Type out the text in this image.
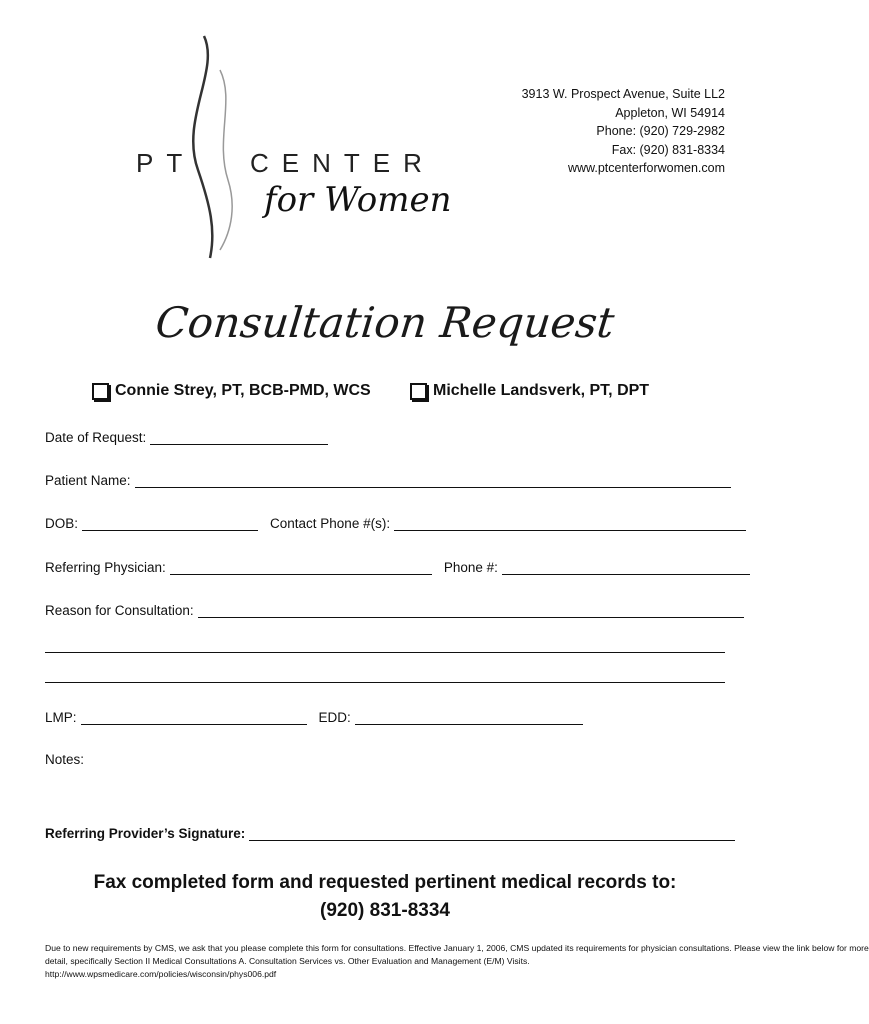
PT CENTER
for Women
3913 W. Prospect Avenue, Suite LL2
Appleton, WI 54914
Phone: (920) 729-2982
Fax: (920) 831-8334
www.ptcenterforwomen.com
Consultation Request
Connie Strey, PT, BCB-PMD, WCS	Michelle Landsverk, PT, DPT
Date of Request:
Patient Name:
DOB:	Contact Phone #(s):
Referring Physician:	Phone #:
Reason for Consultation:
LMP:	EDD:
Notes:
Referring Provider’s Signature:
Fax completed form and requested pertinent medical records to:
(920) 831-8334
Due to new requirements by CMS, we ask that you please complete this form for consultations. Effective January 1, 2006, CMS updated its requirements for physician consultations. Please view the link below for more
detail, specifically Section II Medical Consultations A. Consultation Services vs. Other Evaluation and Management (E/M) Visits.
http://www.wpsmedicare.com/policies/wisconsin/phys006.pdf
